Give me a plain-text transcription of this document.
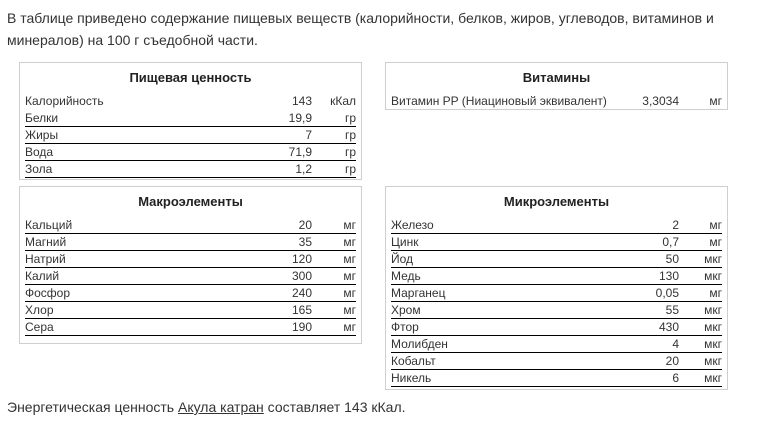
В таблице приведено содержание пищевых веществ (калорийности, белков, жиров, углеводов, витаминов и минералов) на 100 г съедобной части.
Пищевая ценность
Калорийность	143	кКал
Белки	19,9	гр
Жиры	7	гр
Вода	71,9	гр
Зола	1,2	гр
Витамины
Витамин PP (Ниациновый эквивалент)	3,3034	мг
Макроэлементы
Кальций	20	мг
Магний	35	мг
Натрий	120	мг
Калий	300	мг
Фосфор	240	мг
Хлор	165	мг
Сера	190	мг
Микроэлементы
Железо	2	мг
Цинк	0,7	мг
Йод	50	мкг
Медь	130	мкг
Марганец	0,05	мг
Хром	55	мкг
Фтор	430	мкг
Молибден	4	мкг
Кобальт	20	мкг
Никель	6	мкг
Энергетическая ценность Акула катран составляет 143 кКал.
